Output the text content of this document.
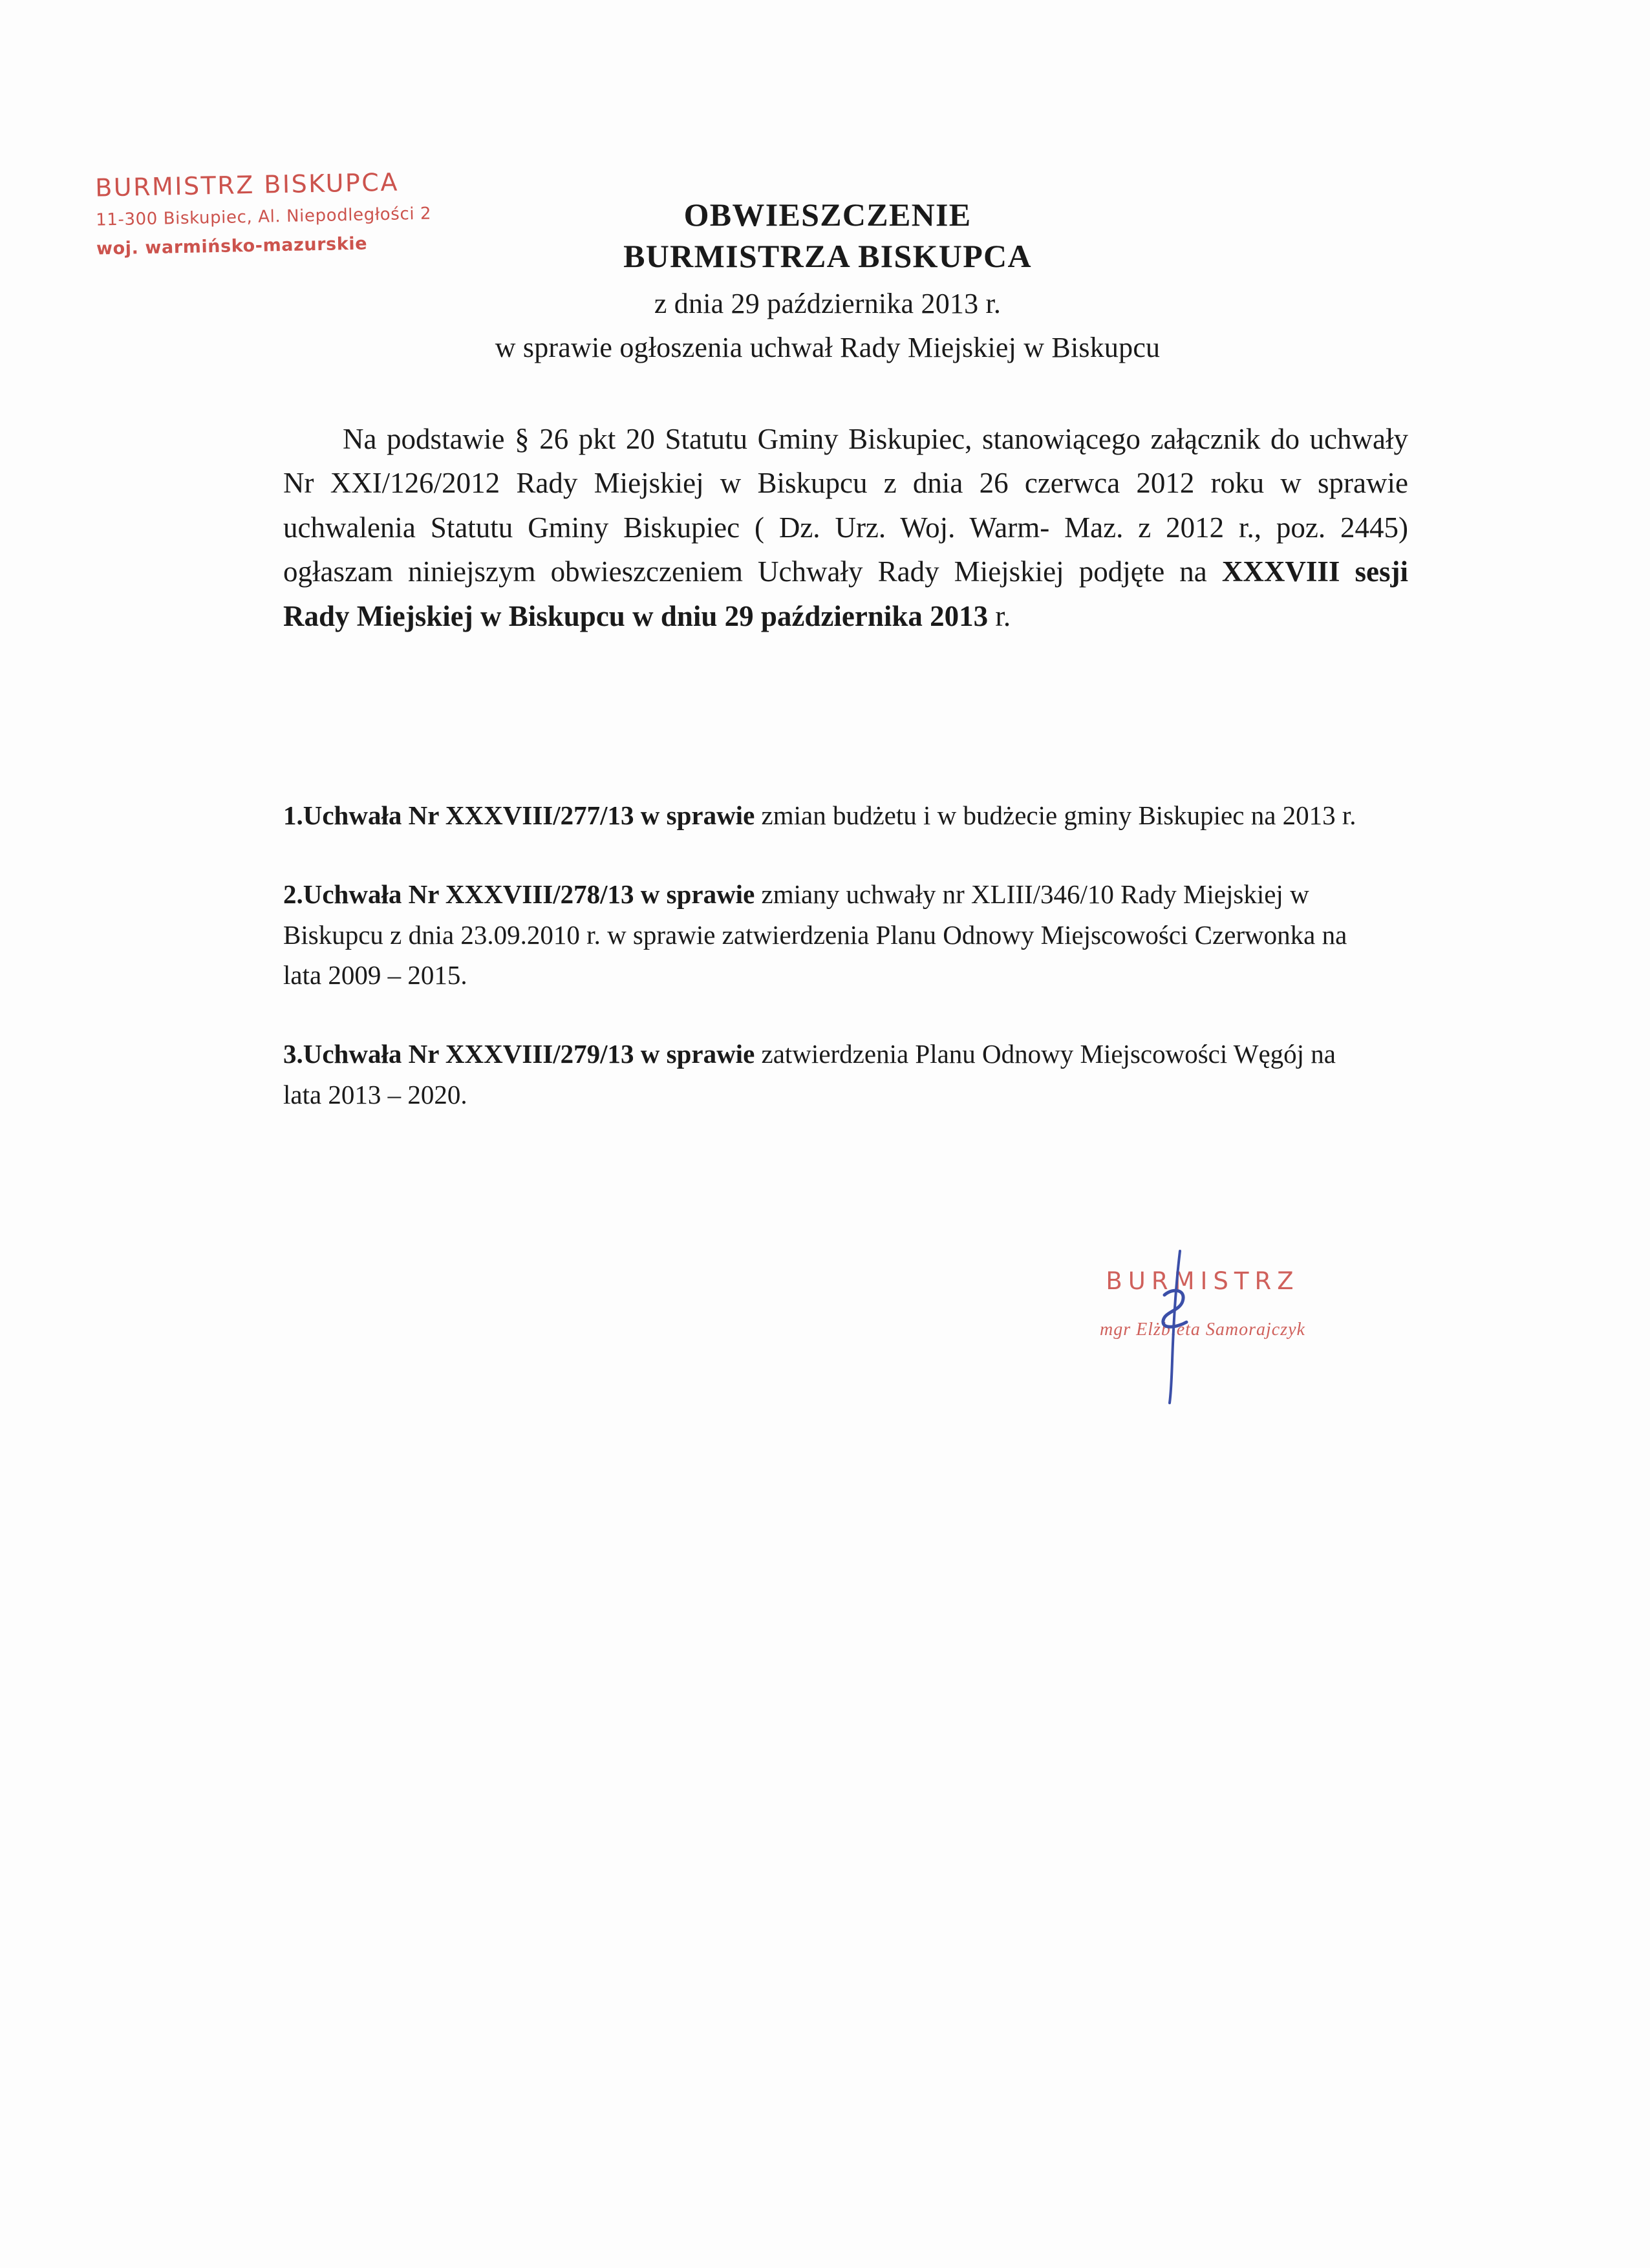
BURMISTRZ BISKUPCA
11-300 Biskupiec, Al. Niepodległości 2
woj. warmińsko-mazurskie
OBWIESZCZENIE
BURMISTRZA BISKUPCA
z dnia 29 października 2013 r.
w sprawie ogłoszenia uchwał Rady Miejskiej w Biskupcu
Na podstawie § 26 pkt 20 Statutu Gminy Biskupiec, stanowiącego załącznik do uchwały Nr XXI/126/2012 Rady Miejskiej w Biskupcu z dnia 26 czerwca 2012 roku w sprawie uchwalenia Statutu Gminy Biskupiec ( Dz. Urz. Woj. Warm- Maz. z 2012 r., poz. 2445) ogłaszam niniejszym obwieszczeniem Uchwały Rady Miejskiej podjęte na XXXVIII sesji Rady Miejskiej w Biskupcu w dniu 29 października 2013 r.
1.Uchwała Nr XXXVIII/277/13 w sprawie zmian budżetu i w budżecie gminy Biskupiec na 2013 r.
2.Uchwała Nr XXXVIII/278/13 w sprawie zmiany uchwały nr XLIII/346/10 Rady Miejskiej w Biskupcu z dnia 23.09.2010 r. w sprawie zatwierdzenia Planu Odnowy Miejscowości Czerwonka na lata 2009 – 2015.
3.Uchwała Nr XXXVIII/279/13 w sprawie zatwierdzenia Planu Odnowy Miejscowości Węgój na lata 2013 – 2020.
BURMISTRZ
mgr Elżbieta Samorajczyk
